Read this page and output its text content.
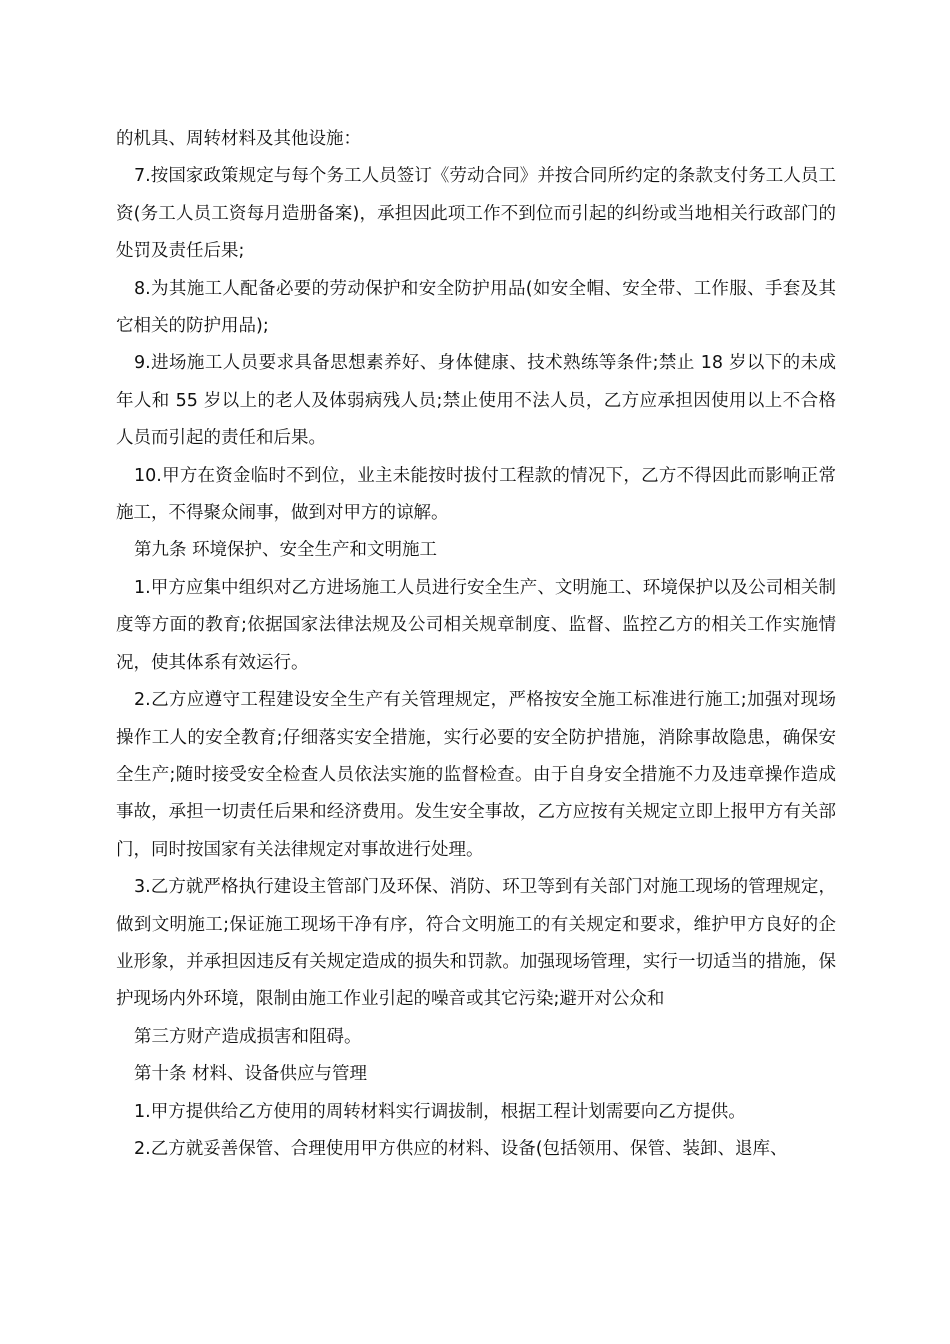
的机具、周转材料及其他设施：

7.按国家政策规定与每个务工人员签订《劳动合同》并按合同所约定的条款支付务工人员工资(务工人员工资每月造册备案)，承担因此项工作不到位而引起的纠纷或当地相关行政部门的处罚及责任后果;

8.为其施工人配备必要的劳动保护和安全防护用品(如安全帽、安全带、工作服、手套及其它相关的防护用品);

9.进场施工人员要求具备思想素养好、身体健康、技术熟练等条件;禁止 18 岁以下的未成年人和 55 岁以上的老人及体弱病残人员;禁止使用不法人员，乙方应承担因使用以上不合格人员而引起的责任和后果。

10.甲方在资金临时不到位，业主未能按时拔付工程款的情况下，乙方不得因此而影响正常施工，不得聚众闹事，做到对甲方的谅解。

第九条 环境保护、安全生产和文明施工

1.甲方应集中组织对乙方进场施工人员进行安全生产、文明施工、环境保护以及公司相关制度等方面的教育;依据国家法律法规及公司相关规章制度、监督、监控乙方的相关工作实施情况，使其体系有效运行。

2.乙方应遵守工程建设安全生产有关管理规定，严格按安全施工标准进行施工;加强对现场操作工人的安全教育;仔细落实安全措施，实行必要的安全防护措施，消除事故隐患，确保安全生产;随时接受安全检查人员依法实施的监督检查。由于自身安全措施不力及违章操作造成事故，承担一切责任后果和经济费用。发生安全事故，乙方应按有关规定立即上报甲方有关部门，同时按国家有关法律规定对事故进行处理。

3.乙方就严格执行建设主管部门及环保、消防、环卫等到有关部门对施工现场的管理规定，做到文明施工;保证施工现场干净有序，符合文明施工的有关规定和要求，维护甲方良好的企业形象，并承担因违反有关规定造成的损失和罚款。加强现场管理，实行一切适当的措施，保护现场内外环境，限制由施工作业引起的噪音或其它污染;避开对公众和

第三方财产造成损害和阻碍。

第十条 材料、设备供应与管理

1.甲方提供给乙方使用的周转材料实行调拔制，根据工程计划需要向乙方提供。

2.乙方就妥善保管、合理使用甲方供应的材料、设备(包括领用、保管、装卸、退库、
